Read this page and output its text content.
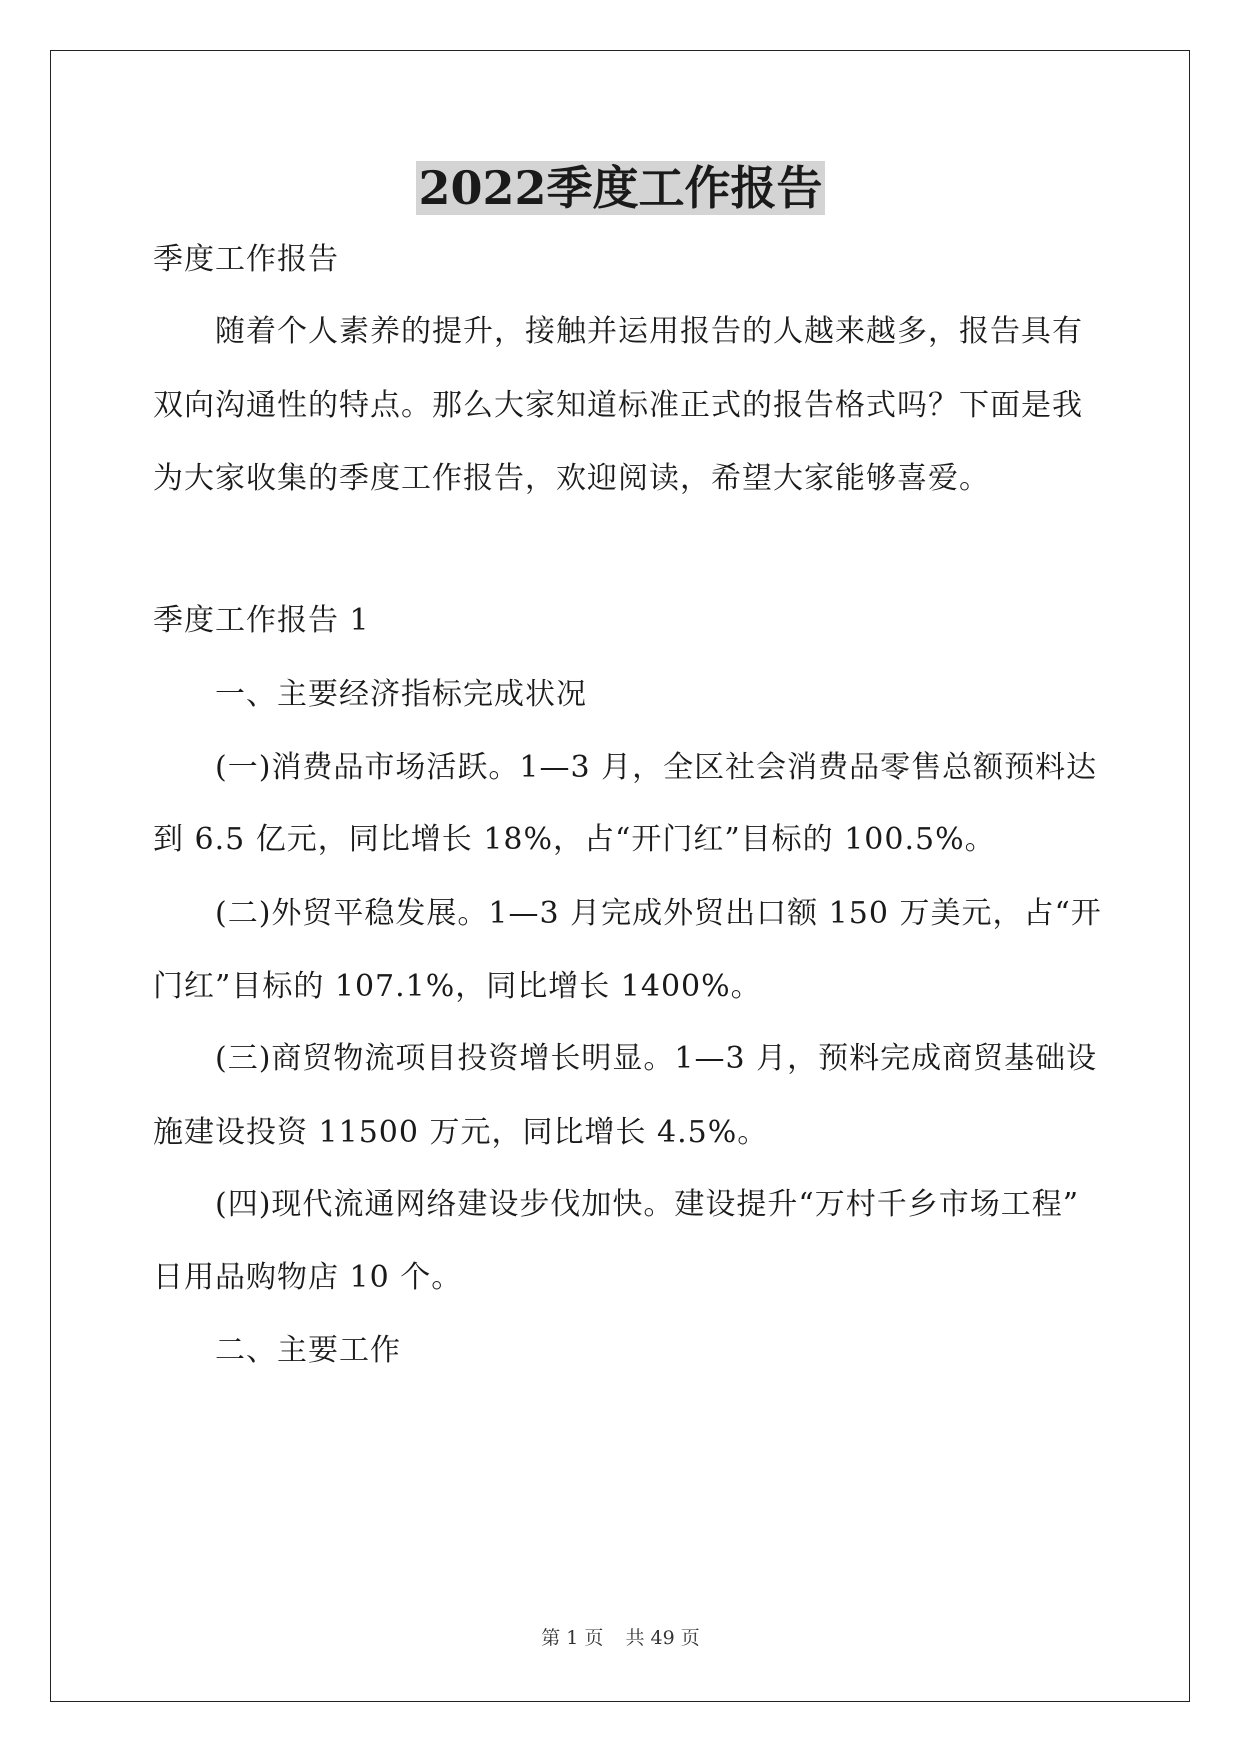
2022季度工作报告
季度工作报告
随着个人素养的提升，接触并运用报告的人越来越多，报告具有
双向沟通性的特点。那么大家知道标准正式的报告格式吗？下面是我
为大家收集的季度工作报告，欢迎阅读，希望大家能够喜爱。
季度工作报告 1
一、主要经济指标完成状况
(一)消费品市场活跃。1—3 月，全区社会消费品零售总额预料达
到 6.5 亿元，同比增长 18%，占“开门红”目标的 100.5%。
(二)外贸平稳发展。1—3 月完成外贸出口额 150 万美元，占“开
门红”目标的 107.1%，同比增长 1400%。
(三)商贸物流项目投资增长明显。1—3 月，预料完成商贸基础设
施建设投资 11500 万元，同比增长 4.5%。
(四)现代流通网络建设步伐加快。建设提升“万村千乡市场工程”
日用品购物店 10 个。
二、主要工作
第 1 页 共 49 页
